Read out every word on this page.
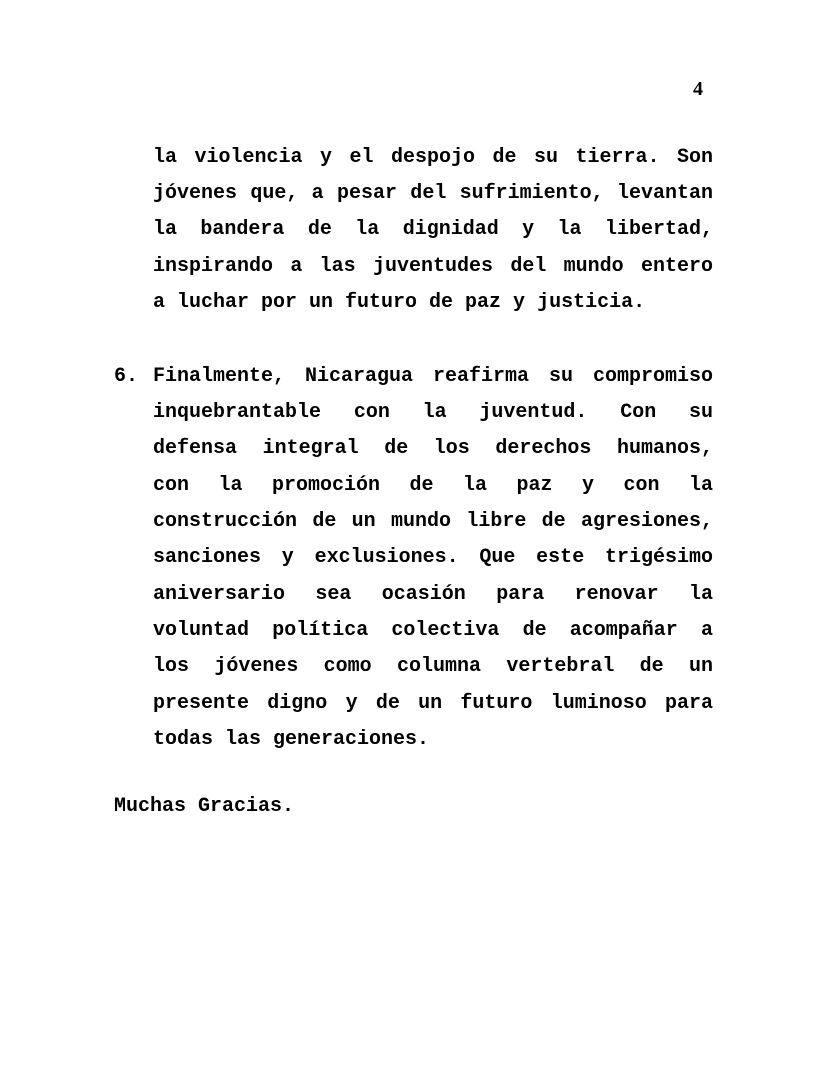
4
la violencia y el despojo de su tierra. Son
jóvenes que, a pesar del sufrimiento, levantan
la bandera de la dignidad y la libertad,
inspirando a las juventudes del mundo entero
a luchar por un futuro de paz y justicia.
6. Finalmente, Nicaragua reafirma su compromiso
inquebrantable con la juventud. Con su
defensa integral de los derechos humanos,
con la promoción de la paz y con la
construcción de un mundo libre de agresiones,
sanciones y exclusiones. Que este trigésimo
aniversario sea ocasión para renovar la
voluntad política colectiva de acompañar a
los jóvenes como columna vertebral de un
presente digno y de un futuro luminoso para
todas las generaciones.
Muchas Gracias.
